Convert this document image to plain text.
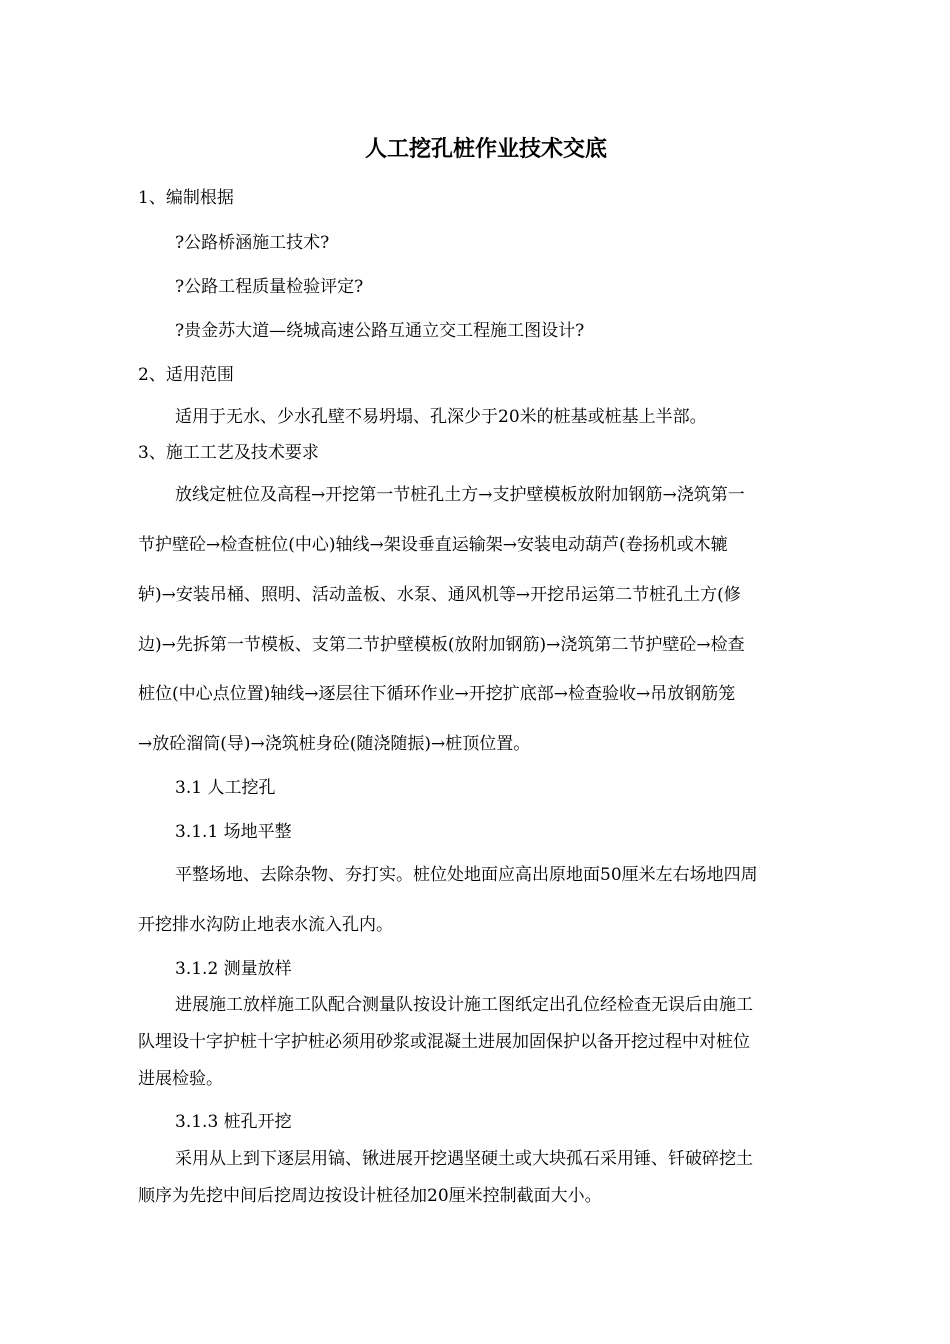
人工挖孔桩作业技术交底
1、编制根据
?公路桥涵施工技术?
?公路工程质量检验评定?
?贵金苏大道—绕城高速公路互通立交工程施工图设计?
2、适用范围
适用于无水、少水孔壁不易坍塌、孔深少于20米的桩基或桩基上半部。
3、施工工艺及技术要求
放线定桩位及高程→开挖第一节桩孔土方→支护壁模板放附加钢筋→浇筑第一
节护壁砼→检查桩位(中心)轴线→架设垂直运输架→安装电动葫芦(卷扬机或木辘
轳)→安装吊桶、照明、活动盖板、水泵、通风机等→开挖吊运第二节桩孔土方(修
边)→先拆第一节模板、支第二节护壁模板(放附加钢筋)→浇筑第二节护壁砼→检查
桩位(中心点位置)轴线→逐层往下循环作业→开挖扩底部→检查验收→吊放钢筋笼
→放砼溜筒(导)→浇筑桩身砼(随浇随振)→桩顶位置。
3.1 人工挖孔
3.1.1 场地平整
平整场地、去除杂物、夯打实。桩位处地面应高出原地面50厘米左右场地四周
开挖排水沟防止地表水流入孔内。
3.1.2 测量放样
进展施工放样施工队配合测量队按设计施工图纸定出孔位经检查无误后由施工
队埋设十字护桩十字护桩必须用砂浆或混凝土进展加固保护以备开挖过程中对桩位
进展检验。
3.1.3 桩孔开挖
采用从上到下逐层用镐、锹进展开挖遇坚硬土或大块孤石采用锤、钎破碎挖土
顺序为先挖中间后挖周边按设计桩径加20厘米控制截面大小。
